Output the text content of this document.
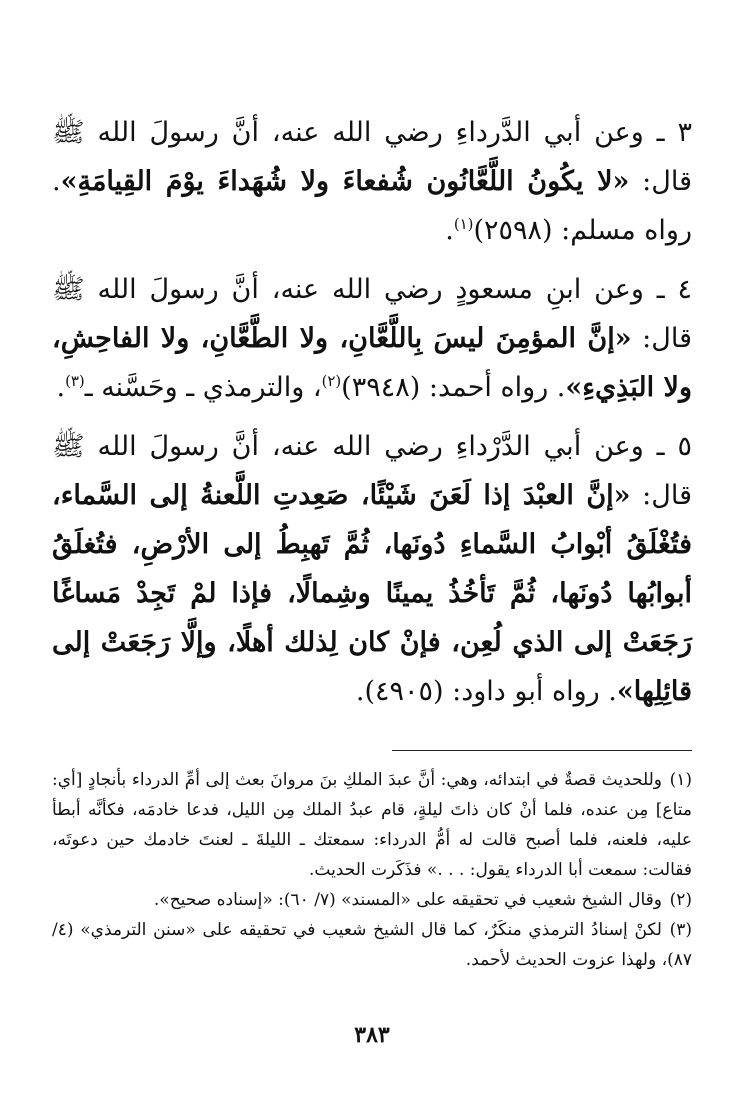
٣ ـ وعن أبي الدَّرداءِ رضي الله عنه، أنَّ رسولَ الله ﷺ قال: «لا يكُونُ اللَّعَّانُون شُفعاءَ ولا شُهَداءَ يوْمَ القِيامَةِ». رواه مسلم: (٢٥٩٨)$^{(١)}$.

٤ ـ وعن ابنِ مسعودٍ رضي الله عنه، أنَّ رسولَ الله ﷺ قال: «إنَّ المؤمِنَ ليسَ بِاللَّعَّانِ، ولا الطَّعَّانِ، ولا الفاحِشِ، ولا البَذِيءِ». رواه أحمد: (٣٩٤٨)$^{(٢)}$، والترمذي ـ وحَسَّنه ـ$^{(٣)}$.

٥ ـ وعن أبي الدَّرْداءِ رضي الله عنه، أنَّ رسولَ الله ﷺ قال: «إنَّ العبْدَ إذا لَعَنَ شَيْئًا، صَعِدتِ اللَّعنةُ إلى السَّماء، فتُغْلَقُ أبْوابُ السَّماءِ دُونَها، ثُمَّ تَهبِطُ إلى الأرْضِ، فتُغلَقُ أبوابُها دُونَها، ثُمَّ تَأخُذُ يمينًا وشِمالًا، فإذا لمْ تَجِدْ مَساغًا رَجَعَتْ إلى الذي لُعِن، فإنْ كان لِذلك أهلًا، وإلَّا رَجَعَتْ إلى قائِلِها». رواه أبو داود: (٤٩٠٥).

(١)وللحديث قصةٌ في ابتدائه، وهي: أنَّ عبدَ الملكِ بنَ مروانَ بعث إلى أمِّ الدرداء بأنجادٍ [أي: متاع] مِن عنده، فلما أنْ كان ذاتَ ليلةٍ، قام عبدُ الملك مِن الليل، فدعا خادمَه، فكأنَّه أبطأ عليه، فلعنه، فلما أصبح قالت له أمُّ الدرداء: سمعتك ـ الليلةَ ـ لعنتَ خادمك حين دعوتَه، فقالت: سمعت أبا الدرداء يقول: . . .» فذَكَرت الحديث.

(٢)وقال الشيخ شعيب في تحقيقه على «المسند» (٧/ ٦٠): «إسناده صحيح».

(٣)لكنْ إسنادُ الترمذي منكَرٌ، كما قال الشيخ شعيب في تحقيقه على «سنن الترمذي» (٤/ ٨٧)، ولهذا عزوت الحديث لأحمد.

٣٨٣
